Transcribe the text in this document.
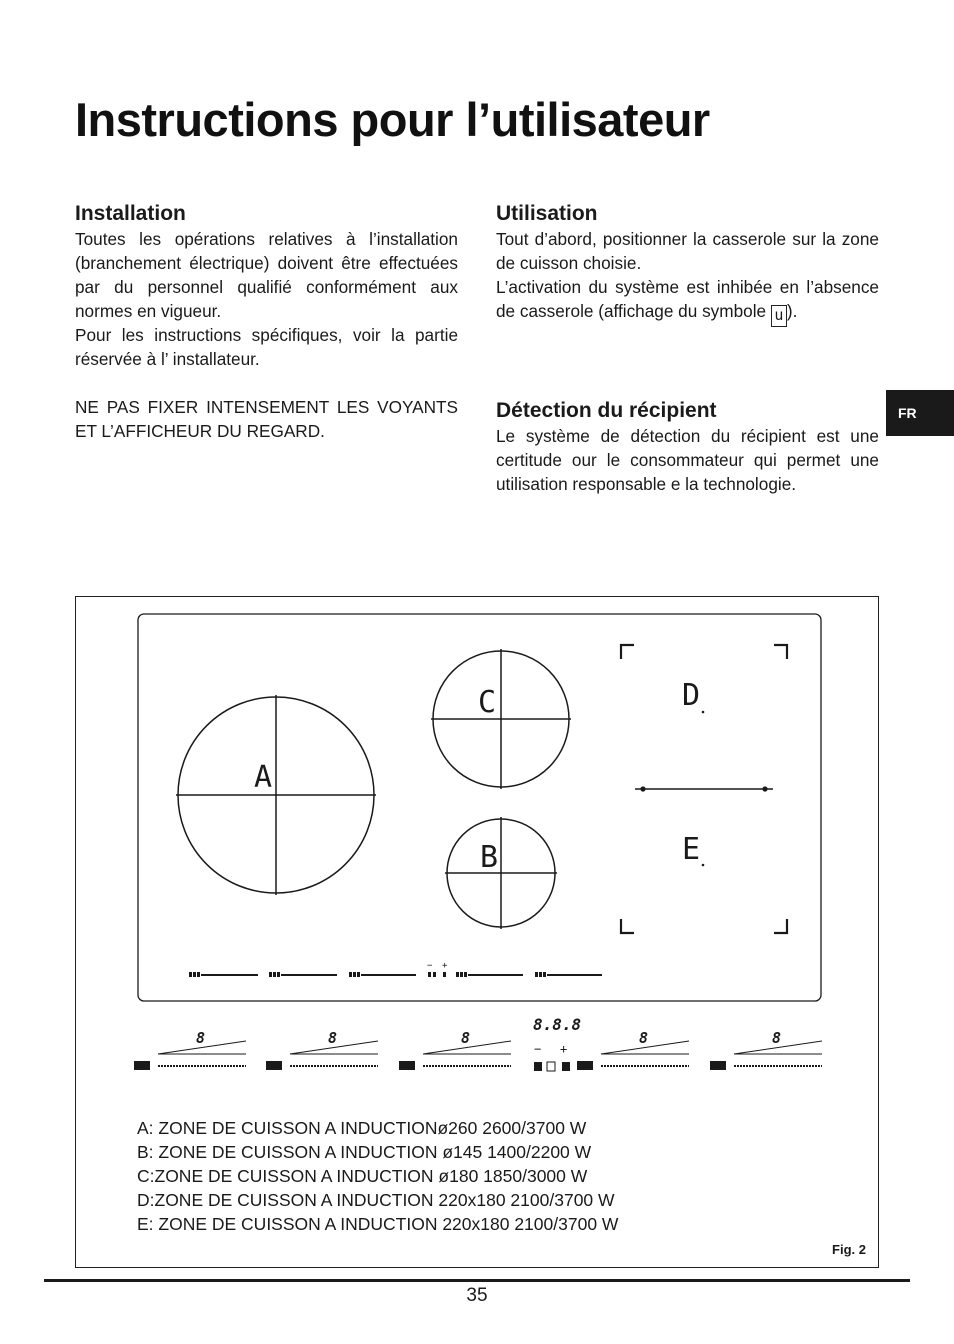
Instructions pour l’utilisateur
Installation

Toutes les opérations relatives à l’installation (branchement électrique) doivent être effectuées par du personnel qualifié conformément aux normes en vigueur.

Pour les instructions spécifiques, voir la partie réservée à l’ installateur.

NE PAS FIXER INTENSEMENT LES VOYANTS ET L’AFFICHEUR DU REGARD.

Utilisation

Tout d’abord, positionner la casserole sur la zone de cuisson choisie.

L’activation du système est inhibée en l’absence de casserole (affichage du symbole u ).

Détection du récipient

Le système de détection du récipient est une certitude our le consommateur qui permet une utilisation responsable e la technologie.

FR
A
C
B
D
E
− +
8	8	8
8.8.8
− +
8	8
A: ZONE DE CUISSON A INDUCTIONø260 2600/3700 W
B: ZONE DE CUISSON A INDUCTION ø145 1400/2200 W
C:ZONE DE CUISSON A INDUCTION ø180 1850/3000 W
D:ZONE DE CUISSON A INDUCTION 220x180 2100/3700 W
E: ZONE DE CUISSON A INDUCTION 220x180 2100/3700 W
Fig. 2
35
